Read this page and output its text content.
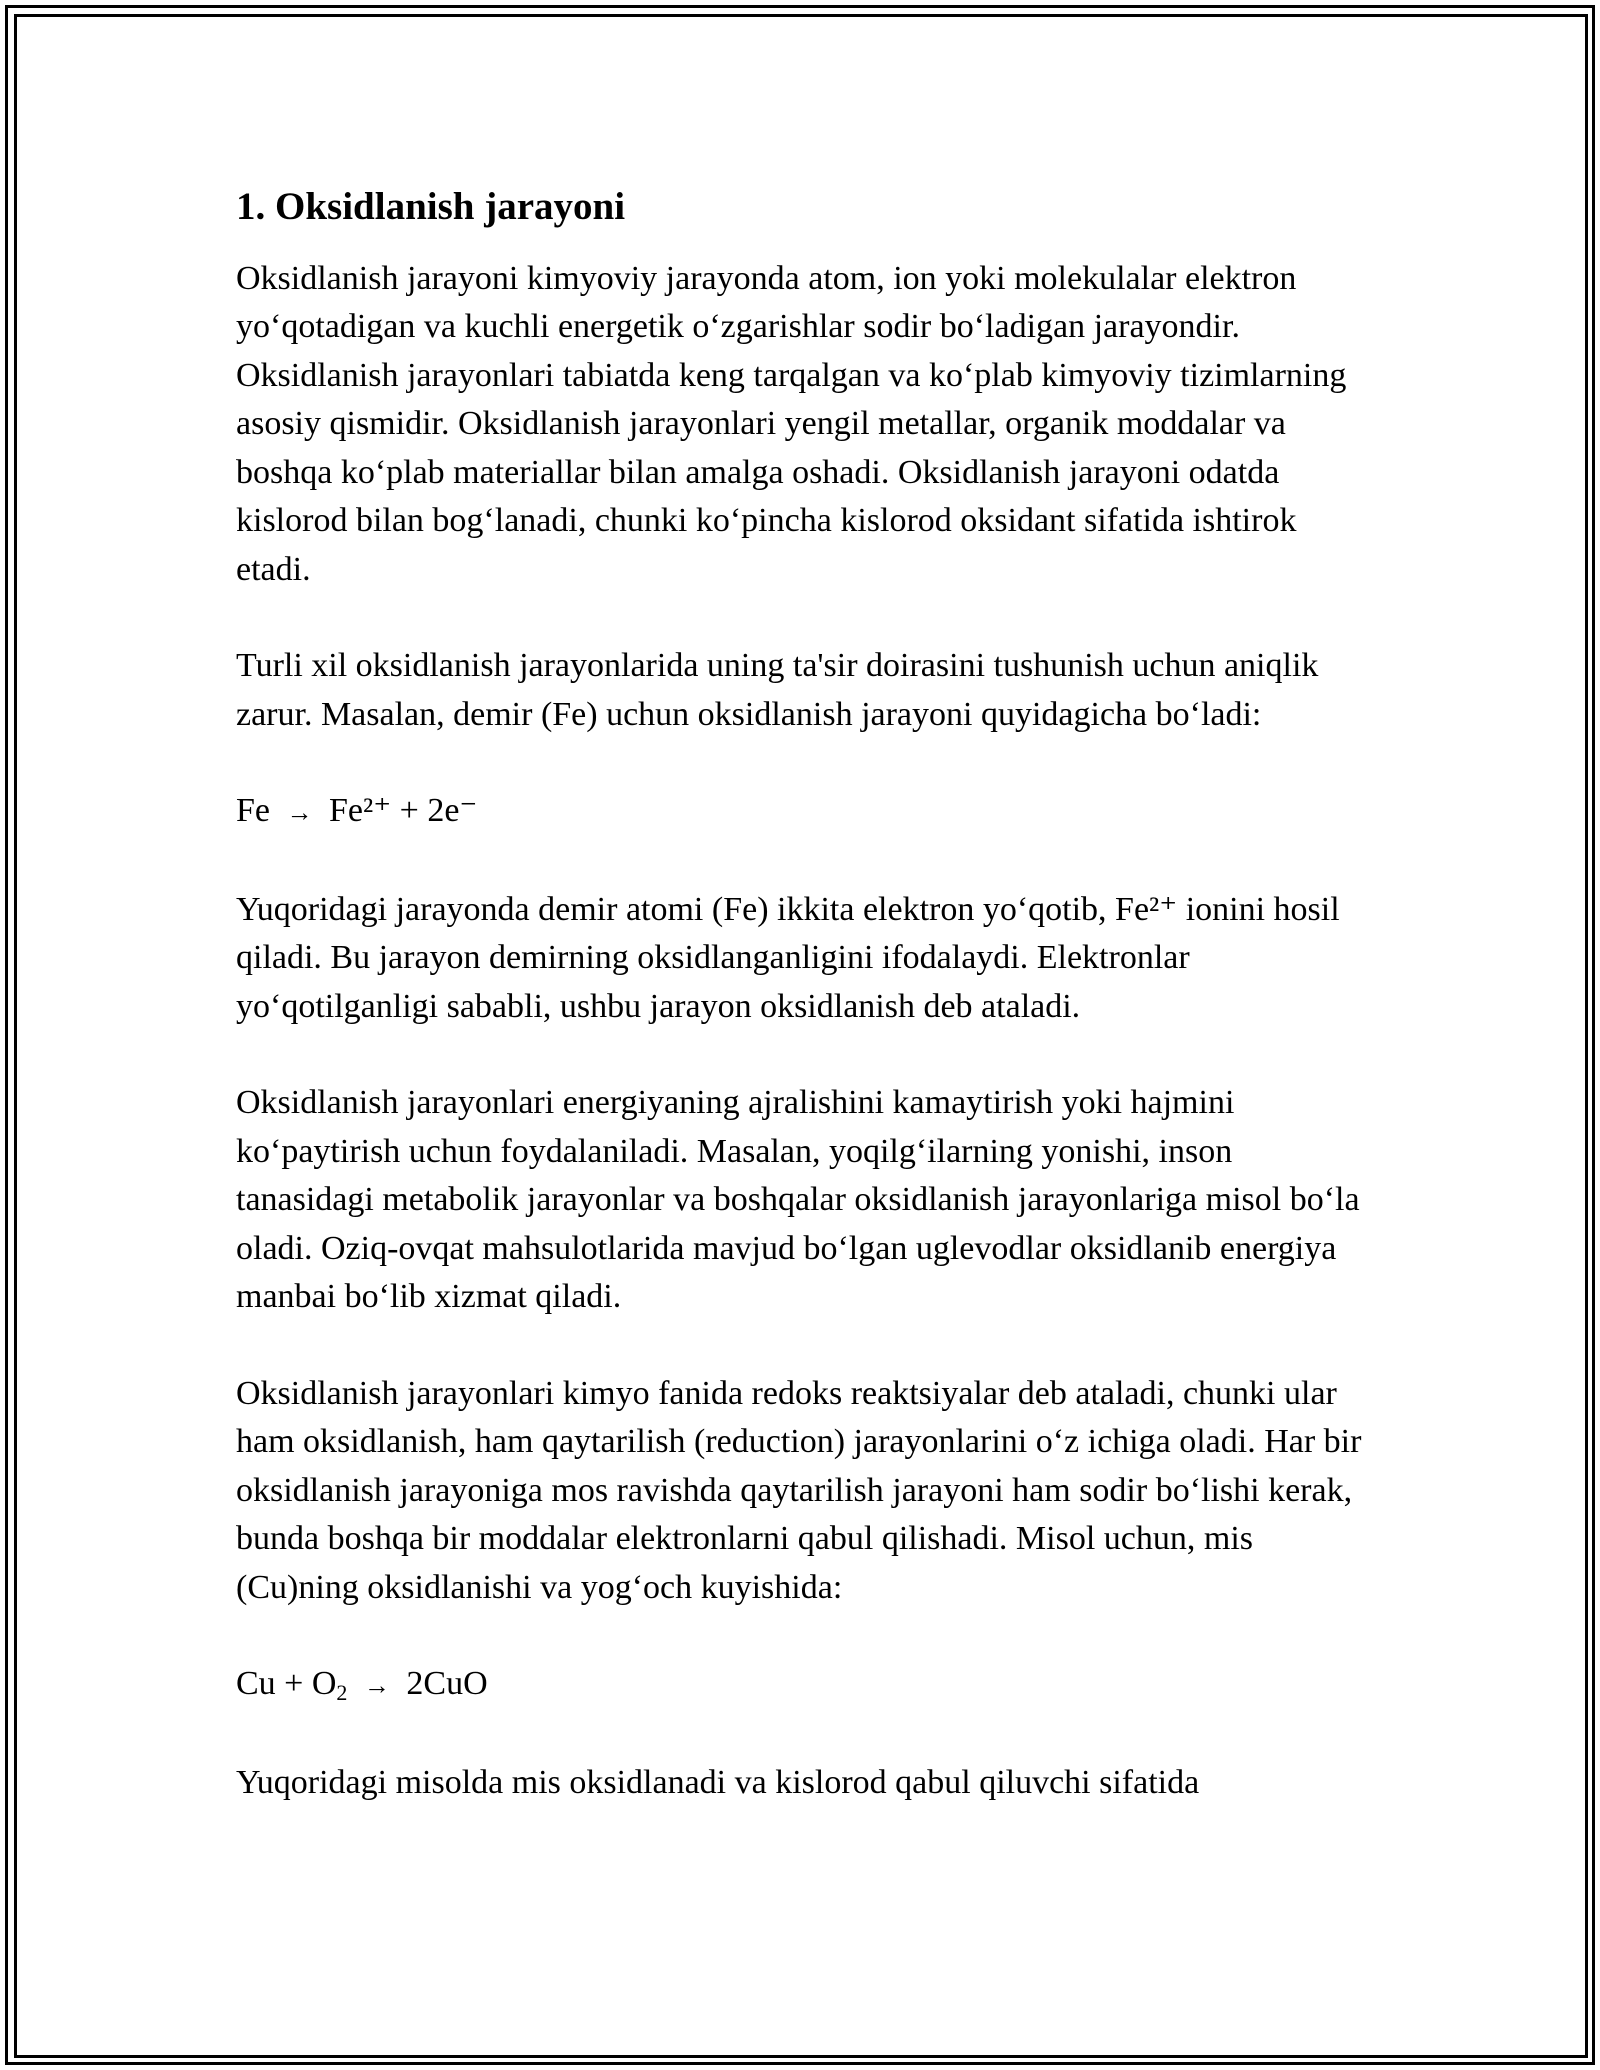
1. Oksidlanish jarayoni

Oksidlanish jarayoni kimyoviy jarayonda atom, ion yoki molekulalar elektron yo‘qotadigan va kuchli energetik o‘zgarishlar sodir bo‘ladigan jarayondir. Oksidlanish jarayonlari tabiatda keng tarqalgan va ko‘plab kimyoviy tizimlarning asosiy qismidir. Oksidlanish jarayonlari yengil metallar, organik moddalar va boshqa ko‘plab materiallar bilan amalga oshadi. Oksidlanish jarayoni odatda kislorod bilan bog‘lanadi, chunki ko‘pincha kislorod oksidant sifatida ishtirok etadi.

Turli xil oksidlanish jarayonlarida uning ta'sir doirasini tushunish uchun aniqlik zarur. Masalan, demir (Fe) uchun oksidlanish jarayoni quyidagicha bo‘ladi:

Fe → Fe²⁺ + 2e⁻

Yuqoridagi jarayonda demir atomi (Fe) ikkita elektron yo‘qotib, Fe²⁺ ionini hosil qiladi. Bu jarayon demirning oksidlanganligini ifodalaydi. Elektronlar yo‘qotilganligi sababli, ushbu jarayon oksidlanish deb ataladi.

Oksidlanish jarayonlari energiyaning ajralishini kamaytirish yoki hajmini ko‘paytirish uchun foydalaniladi. Masalan, yoqilg‘ilarning yonishi, inson tanasidagi metabolik jarayonlar va boshqalar oksidlanish jarayonlariga misol bo‘la oladi. Oziq-ovqat mahsulotlarida mavjud bo‘lgan uglevodlar oksidlanib energiya manbai bo‘lib xizmat qiladi.

Oksidlanish jarayonlari kimyo fanida redoks reaktsiyalar deb ataladi, chunki ular ham oksidlanish, ham qaytarilish (reduction) jarayonlarini o‘z ichiga oladi. Har bir oksidlanish jarayoniga mos ravishda qaytarilish jarayoni ham sodir bo‘lishi kerak, bunda boshqa bir moddalar elektronlarni qabul qilishadi. Misol uchun, mis (Cu)ning oksidlanishi va yog‘och kuyishida:

$Cu + O_2 \to 2CuO$

Yuqoridagi misolda mis oksidlanadi va kislorod qabul qiluvchi sifatida
